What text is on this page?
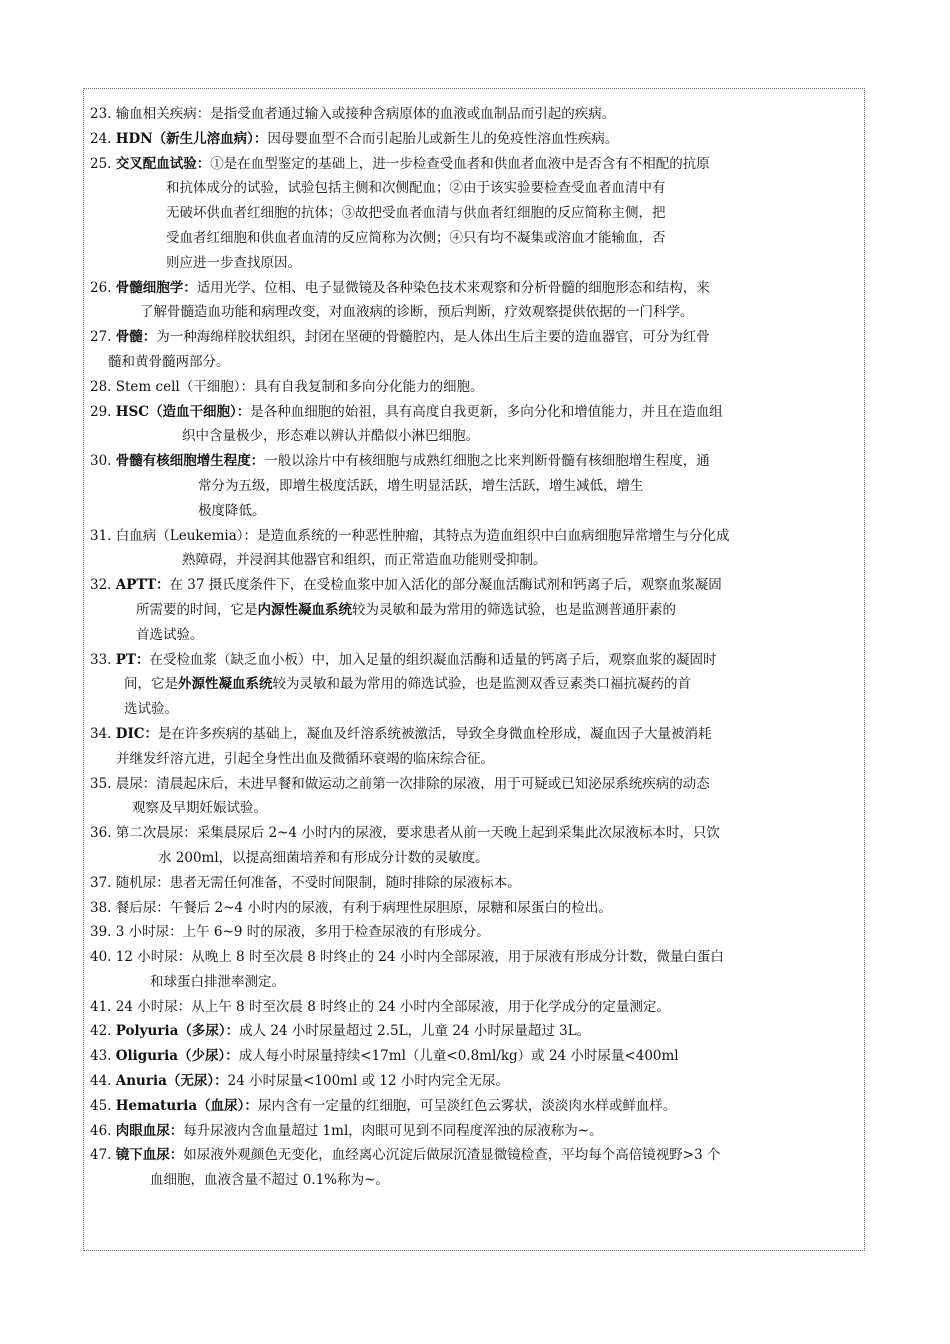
23. 输血相关疾病：是指受血者通过输入或接种含病原体的血液或血制品而引起的疾病。

24. HDN（新生儿溶血病）：因母婴血型不合而引起胎儿或新生儿的免疫性溶血性疾病。

25. 交叉配血试验：①是在血型鉴定的基础上，进一步检查受血者和供血者血液中是否含有不相配的抗原
和抗体成分的试验，试验包括主侧和次侧配血；②由于该实验要检查受血者血清中有
无破坏供血者红细胞的抗体；③故把受血者血清与供血者红细胞的反应简称主侧，把
受血者红细胞和供血者血清的反应简称为次侧；④只有均不凝集或溶血才能输血，否
则应进一步查找原因。

26. 骨髓细胞学：适用光学、位相、电子显微镜及各种染色技术来观察和分析骨髓的细胞形态和结构，来
了解骨髓造血功能和病理改变，对血液病的诊断，预后判断，疗效观察提供依据的一门科学。

27. 骨髓：为一种海绵样胶状组织，封闭在坚硬的骨髓腔内，是人体出生后主要的造血器官，可分为红骨
髓和黄骨髓两部分。

28. Stem cell（干细胞）：具有自我复制和多向分化能力的细胞。

29. HSC（造血干细胞）：是各种血细胞的始祖，具有高度自我更新，多向分化和增值能力，并且在造血组
织中含量极少，形态难以辨认并酷似小淋巴细胞。

30. 骨髓有核细胞增生程度：一般以涂片中有核细胞与成熟红细胞之比来判断骨髓有核细胞增生程度，通
常分为五级，即增生极度活跃，增生明显活跃，增生活跃，增生减低，增生
极度降低。

31. 白血病（Leukemia）：是造血系统的一种恶性肿瘤，其特点为造血组织中白血病细胞异常增生与分化成
熟障碍，并浸润其他器官和组织，而正常造血功能则受抑制。

32. APTT：在 37 摄氏度条件下，在受检血浆中加入活化的部分凝血活酶试剂和钙离子后，观察血浆凝固
所需要的时间，它是内源性凝血系统较为灵敏和最为常用的筛选试验，也是监测普通肝素的
首选试验。

33. PT：在受检血浆（缺乏血小板）中，加入足量的组织凝血活酶和适量的钙离子后，观察血浆的凝固时
间，它是外源性凝血系统较为灵敏和最为常用的筛选试验，也是监测双香豆素类口福抗凝药的首
选试验。

34. DIC：是在许多疾病的基础上，凝血及纤溶系统被激活，导致全身微血栓形成，凝血因子大量被消耗
并继发纤溶亢进，引起全身性出血及微循环衰竭的临床综合征。

35. 晨尿：清晨起床后，未进早餐和做运动之前第一次排除的尿液，用于可疑或已知泌尿系统疾病的动态
观察及早期妊娠试验。

36. 第二次晨尿：采集晨尿后 2~4 小时内的尿液，要求患者从前一天晚上起到采集此次尿液标本时，只饮
水 200ml，以提高细菌培养和有形成分计数的灵敏度。

37. 随机尿：患者无需任何准备，不受时间限制，随时排除的尿液标本。

38. 餐后尿：午餐后 2~4 小时内的尿液，有利于病理性尿胆原，尿糖和尿蛋白的检出。

39. 3 小时尿：上午 6~9 时的尿液，多用于检查尿液的有形成分。

40. 12 小时尿：从晚上 8 时至次晨 8 时终止的 24 小时内全部尿液，用于尿液有形成分计数，微量白蛋白
和球蛋白排泄率测定。

41. 24 小时尿：从上午 8 时至次晨 8 时终止的 24 小时内全部尿液，用于化学成分的定量测定。

42. Polyuria（多尿）：成人 24 小时尿量超过 2.5L，儿童 24 小时尿量超过 3L。

43. Oliguria（少尿）：成人每小时尿量持续<17ml（儿童<0.8ml/kg）或 24 小时尿量<400ml

44. Anuria（无尿）：24 小时尿量<100ml 或 12 小时内完全无尿。

45. Hematuria（血尿）：尿内含有一定量的红细胞，可呈淡红色云雾状，淡淡肉水样或鲜血样。

46. 肉眼血尿：每升尿液内含血量超过 1ml，肉眼可见到不同程度浑浊的尿液称为~。

47. 镜下血尿：如尿液外观颜色无变化，血经离心沉淀后做尿沉渣显微镜检查，平均每个高倍镜视野>3 个
血细胞，血液含量不超过 0.1%称为~。
